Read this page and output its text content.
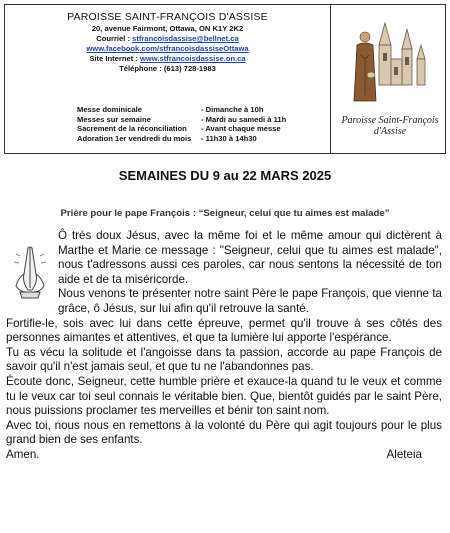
PAROISSE SAINT-FRANÇOIS D'ASSISE
20, avenue Fairmont, Ottawa, ON K1Y 2K2
Courriel : stfrancoisdassise@bellnet.ca
www.facebook.com/stfrancoisdassiseOttawa
Site Internet : www.stfrancoisdassise.on.ca
Téléphone : (613) 728-1983
Messe dominicale	- Dimanche à 10h
Messes sur semaine	- Mardi au samedi à 11h
Sacrement de la réconciliation	- Avant chaque messe
Adoration 1er vendredi du mois	- 11h30 à 14h30
Paroisse Saint-François d'Assise
SEMAINES DU 9 au 22 MARS 2025
Prière pour le pape François : “Seigneur, celui que tu aimes est malade”

Ô très doux Jésus, avec la même foi et le même amour qui dictèrent à Marthe et Marie ce message : "Seigneur, celui que tu aimes est malade", nous t'adressons aussi ces paroles, car nous sentons la nécessité de ton aide et de ta miséricorde.

Nous venons te présenter notre saint Père le pape François, que vienne ta grâce, ô Jésus, sur lui afin qu'il retrouve la santé.

Fortifie-le, sois avec lui dans cette épreuve, permet qu'il trouve à ses côtés des personnes aimantes et attentives, et que ta lumière lui apporte l'espérance.

Tu as vécu la solitude et l'angoisse dans ta passion, accorde au pape François de savoir qu'il n'est jamais seul, et que tu ne l'abandonnes pas.

Écoute donc, Seigneur, cette humble prière et exauce-la quand tu le veux et comme tu le veux car toi seul connais le véritable bien. Que, bientôt guidés par le saint Père, nous puissions proclamer tes merveilles et bénir ton saint nom.

Avec toi, nous nous en remettons à la volonté du Père qui agit toujours pour le plus grand bien de ses enfants.

Amen.	Aleteia
